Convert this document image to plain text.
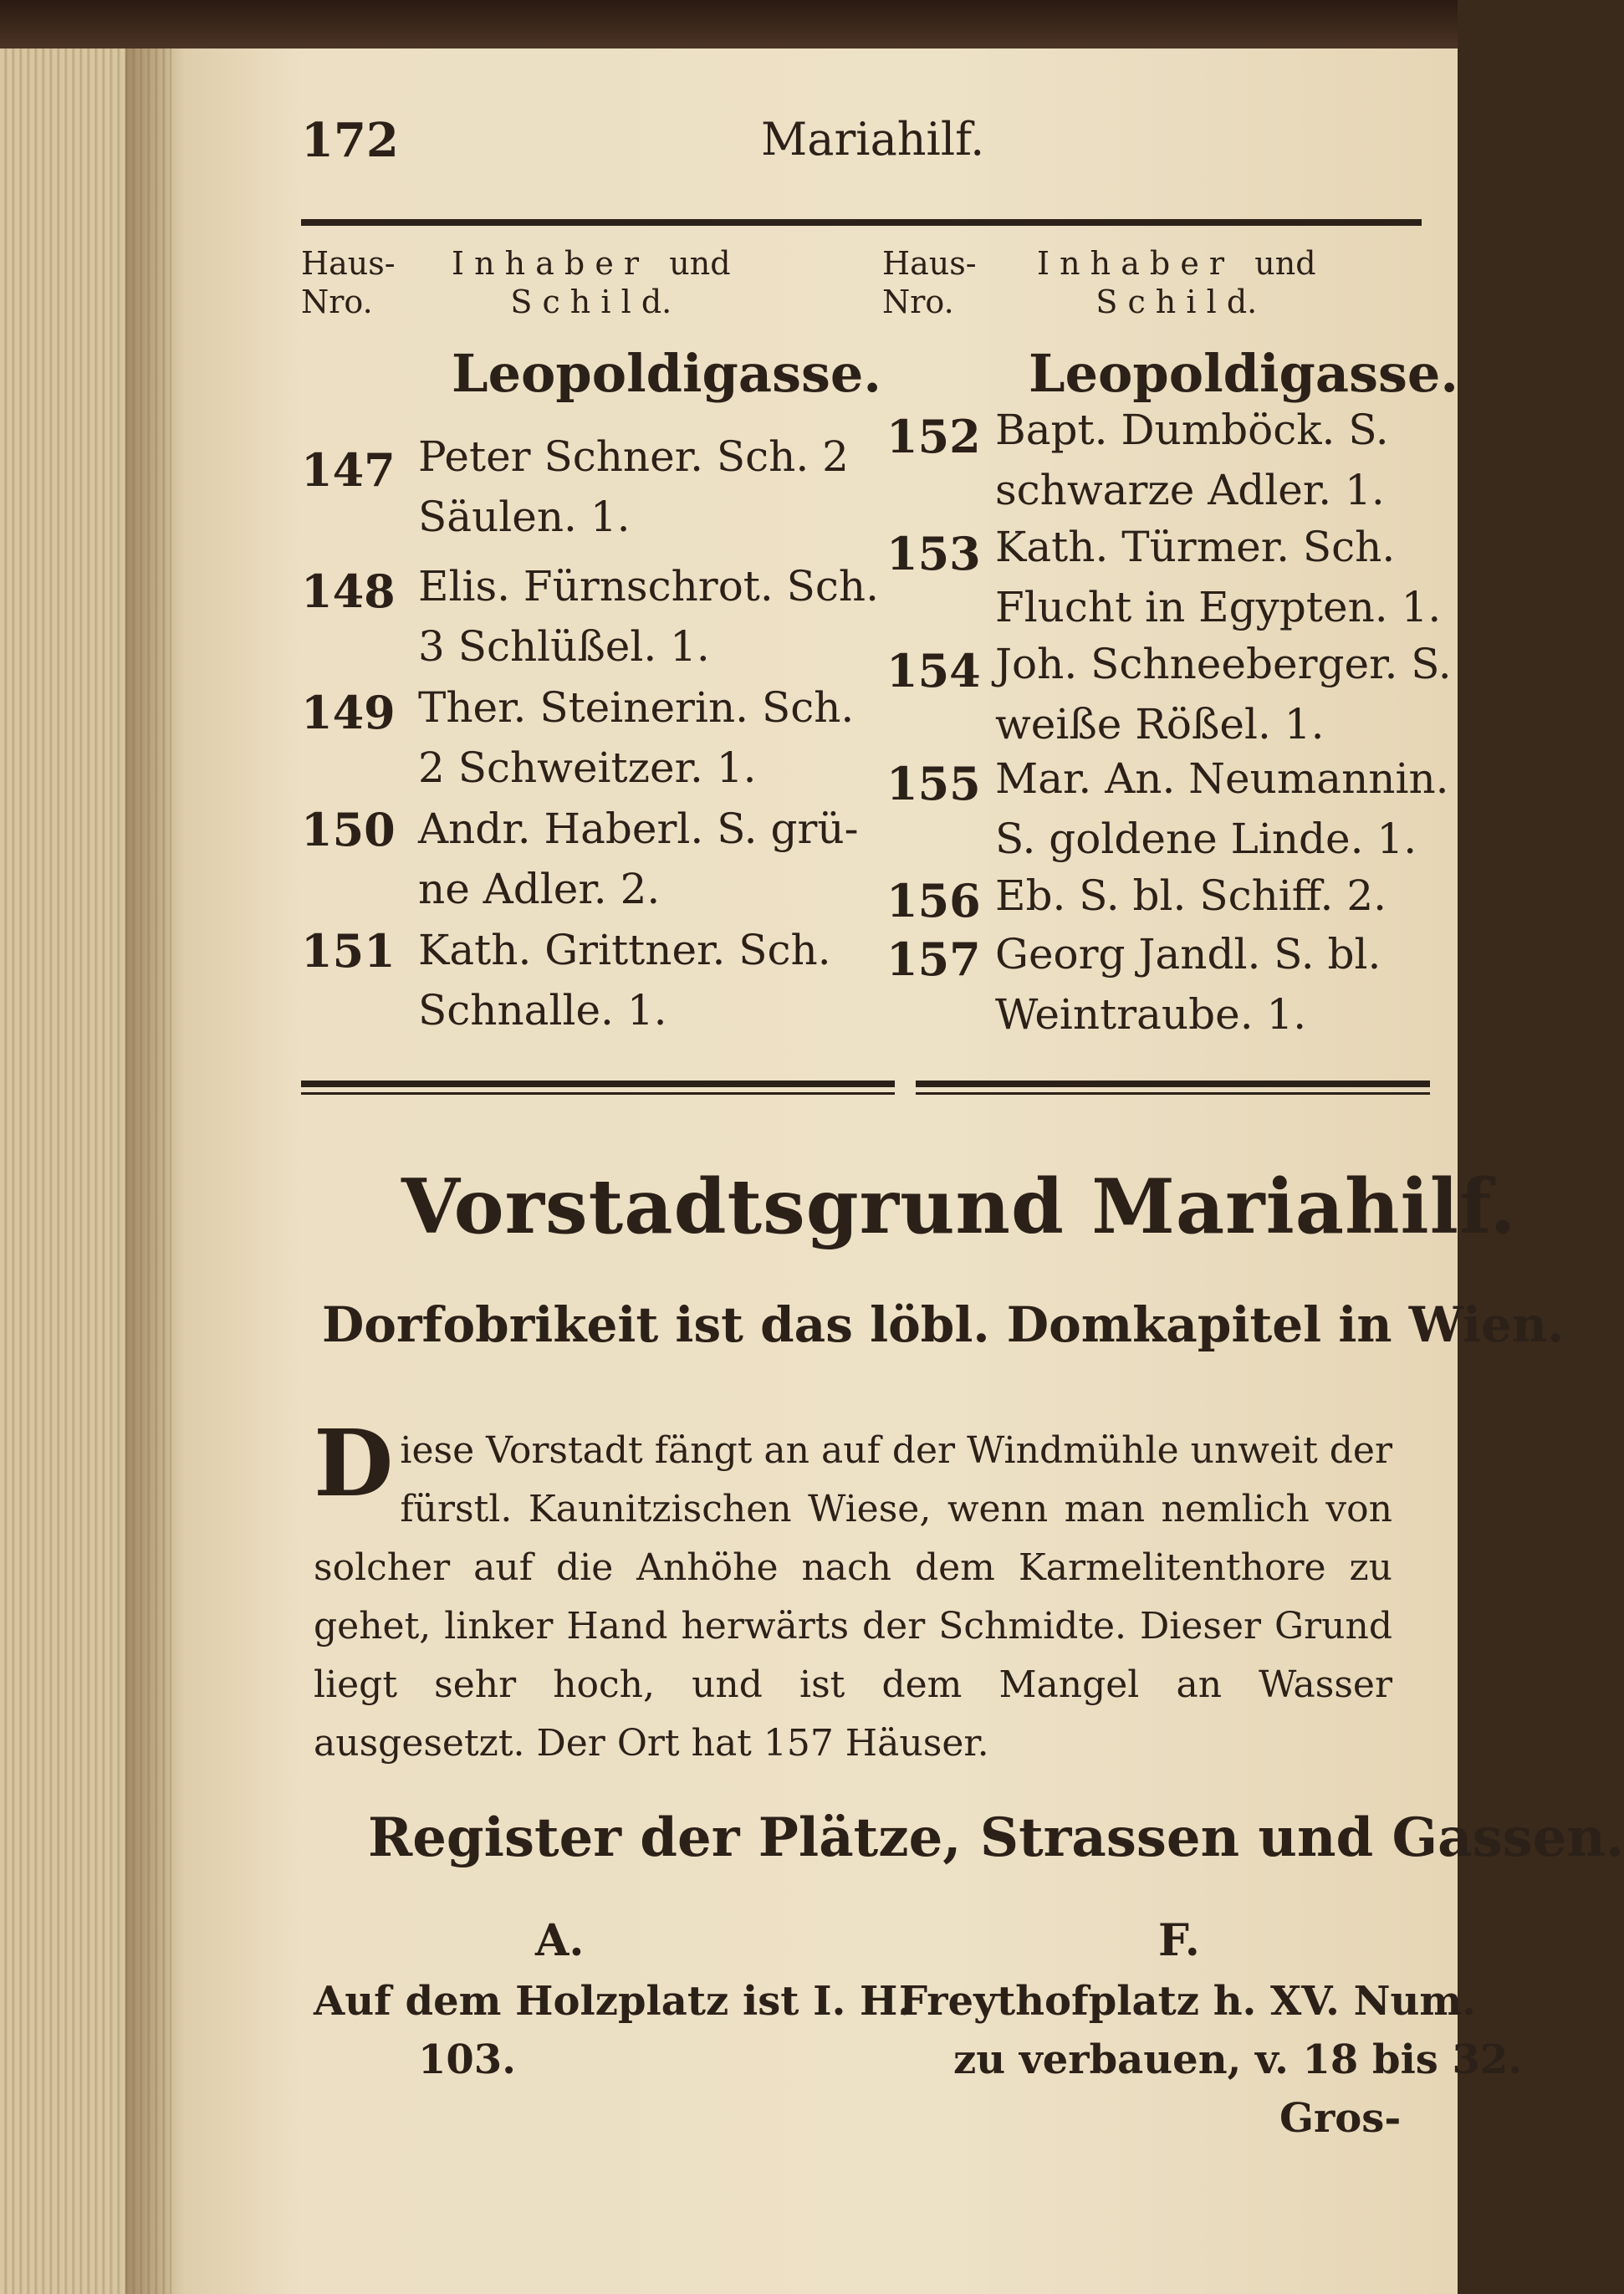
172	Mariahilf.
Haus-
Nro.
I n h a b e r   und
S c h i l d.
Haus-
Nro.
I n h a b e r   und
S c h i l d.
Leopoldigasse.
147 Peter Schner. Sch. 2
Säulen. 1.
148 Elis. Fürnschrot. Sch.
3 Schlüßel. 1.
149 Ther. Steinerin. Sch.
2 Schweitzer. 1.
150 Andr. Haberl. S. grü-
ne Adler. 2.
151 Kath. Grittner. Sch.
Schnalle. 1.
Leopoldigasse.
152 Bapt. Dumböck. S.
schwarze Adler. 1.
153 Kath. Türmer. Sch.
Flucht in Egypten. 1.
154 Joh. Schneeberger. S.
weiße Rößel. 1.
155 Mar. An. Neumannin.
S. goldene Linde. 1.
156 Eb. S. bl. Schiff. 2.
157 Georg Jandl. S. bl.
Weintraube. 1.
Vorstadtsgrund Mariahilf.
Dorfobrikeit ist das löbl. Domkapitel in Wien.
Diese Vorstadt fängt an auf der Windmühle unweit der fürstl. Kaunitzischen Wiese, wenn man nemlich von solcher auf die Anhöhe nach dem Karmelitenthore zu gehet, linker Hand herwärts der Schmidte. Dieser Grund liegt sehr hoch, und ist dem Mangel an Wasser ausgesetzt. Der Ort hat 157 Häuser.
Register der Plätze, Strassen und Gassen.
A.
Auf dem Holzplatz ist I. H.
103.
F.
Freythofplatz h. XV. Num.
zu verbauen, v. 18 bis 32.
Gros-
